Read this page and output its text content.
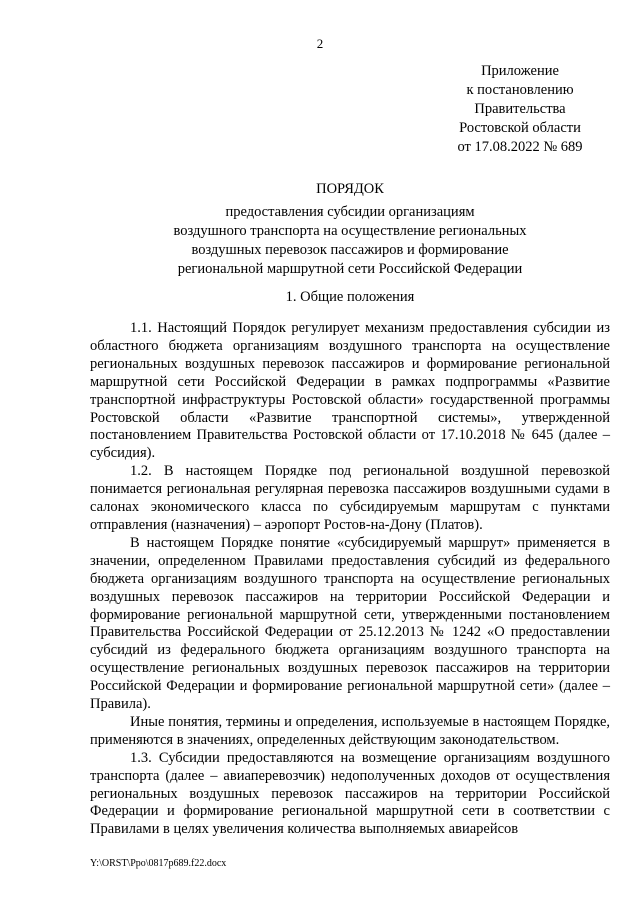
2
Приложение
к постановлению
Правительства
Ростовской области
от 17.08.2022 № 689
ПОРЯДОК
предоставления субсидии организациям
воздушного транспорта на осуществление региональных
воздушных перевозок пассажиров и формирование
региональной маршрутной сети Российской Федерации
1. Общие положения

1.1. Настоящий Порядок регулирует механизм предоставления субсидии из областного бюджета организациям воздушного транспорта на осуществление региональных воздушных перевозок пассажиров и формирование региональной маршрутной сети Российской Федерации в рамках подпрограммы «Развитие транспортной инфраструктуры Ростовской области» государственной программы Ростовской области «Развитие транспортной системы», утвержденной постановлением Правительства Ростовской области от 17.10.2018 № 645 (далее – субсидия).

1.2. В настоящем Порядке под региональной воздушной перевозкой понимается региональная регулярная перевозка пассажиров воздушными судами в салонах экономического класса по субсидируемым маршрутам с пунктами отправления (назначения) – аэропорт Ростов-на-Дону (Платов).

В настоящем Порядке понятие «субсидируемый маршрут» применяется в значении, определенном Правилами предоставления субсидий из федерального бюджета организациям воздушного транспорта на осуществление региональных воздушных перевозок пассажиров на территории Российской Федерации и формирование региональной маршрутной сети, утвержденными постановлением Правительства Российской Федерации от 25.12.2013 № 1242 «О предоставлении субсидий из федерального бюджета организациям воздушного транспорта на осуществление региональных воздушных перевозок пассажиров на территории Российской Федерации и формирование региональной маршрутной сети» (далее – Правила).

Иные понятия, термины и определения, используемые в настоящем Порядке, применяются в значениях, определенных действующим законодательством.

1.3. Субсидии предоставляются на возмещение организациям воздушного транспорта (далее – авиаперевозчик) недополученных доходов от осуществления региональных воздушных перевозок пассажиров на территории Российской Федерации и формирование региональной маршрутной сети в соответствии с Правилами в целях увеличения количества выполняемых авиарейсов

Y:\ORST\Ppo\0817p689.f22.docx
